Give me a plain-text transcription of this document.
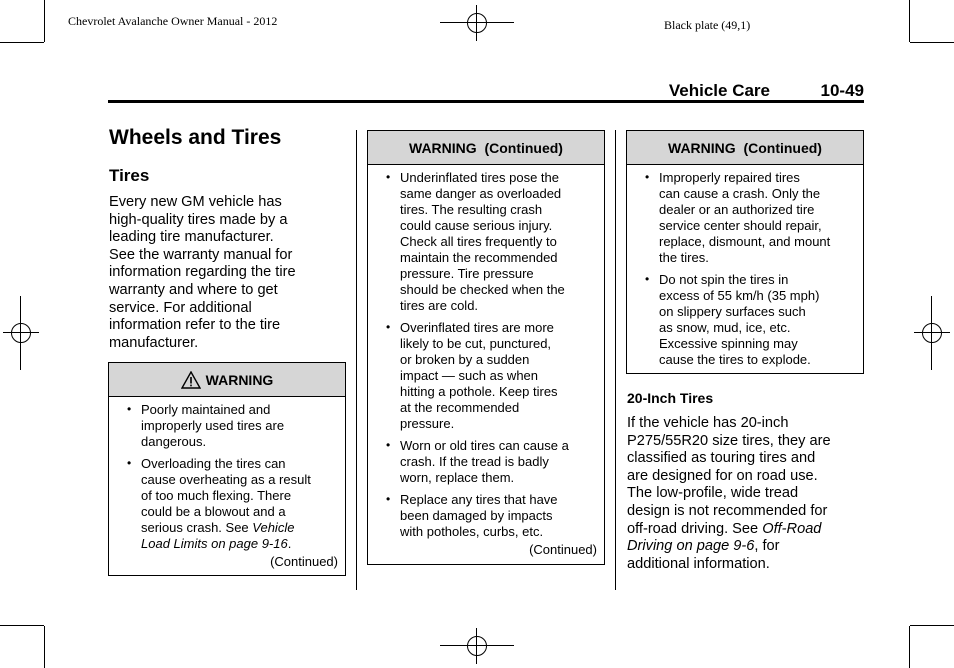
Chevrolet Avalanche Owner Manual - 2012	Black plate (49,1)
Vehicle Care	10-49
Wheels and Tires
Tires
Every new GM vehicle has
high-quality tires made by a
leading tire manufacturer.
See the warranty manual for
information regarding the tire
warranty and where to get
service. For additional
information refer to the tire
manufacturer.
WARNING
• Poorly maintained and
improperly used tires are
dangerous.
• Overloading the tires can
cause overheating as a result
of too much flexing. There
could be a blowout and a
serious crash. See Vehicle
Load Limits on page 9-16.
(Continued)
WARNING  (Continued)
• Underinflated tires pose the
same danger as overloaded
tires. The resulting crash
could cause serious injury.
Check all tires frequently to
maintain the recommended
pressure. Tire pressure
should be checked when the
tires are cold.
• Overinflated tires are more
likely to be cut, punctured,
or broken by a sudden
impact — such as when
hitting a pothole. Keep tires
at the recommended
pressure.
• Worn or old tires can cause a
crash. If the tread is badly
worn, replace them.
• Replace any tires that have
been damaged by impacts
with potholes, curbs, etc.
(Continued)
WARNING  (Continued)
• Improperly repaired tires
can cause a crash. Only the
dealer or an authorized tire
service center should repair,
replace, dismount, and mount
the tires.
• Do not spin the tires in
excess of 55 km/h (35 mph)
on slippery surfaces such
as snow, mud, ice, etc.
Excessive spinning may
cause the tires to explode.
20-Inch Tires
If the vehicle has 20-inch
P275/55R20 size tires, they are
classified as touring tires and
are designed for on road use.
The low-profile, wide tread
design is not recommended for
off-road driving. See Off-Road
Driving on page 9-6, for
additional information.
